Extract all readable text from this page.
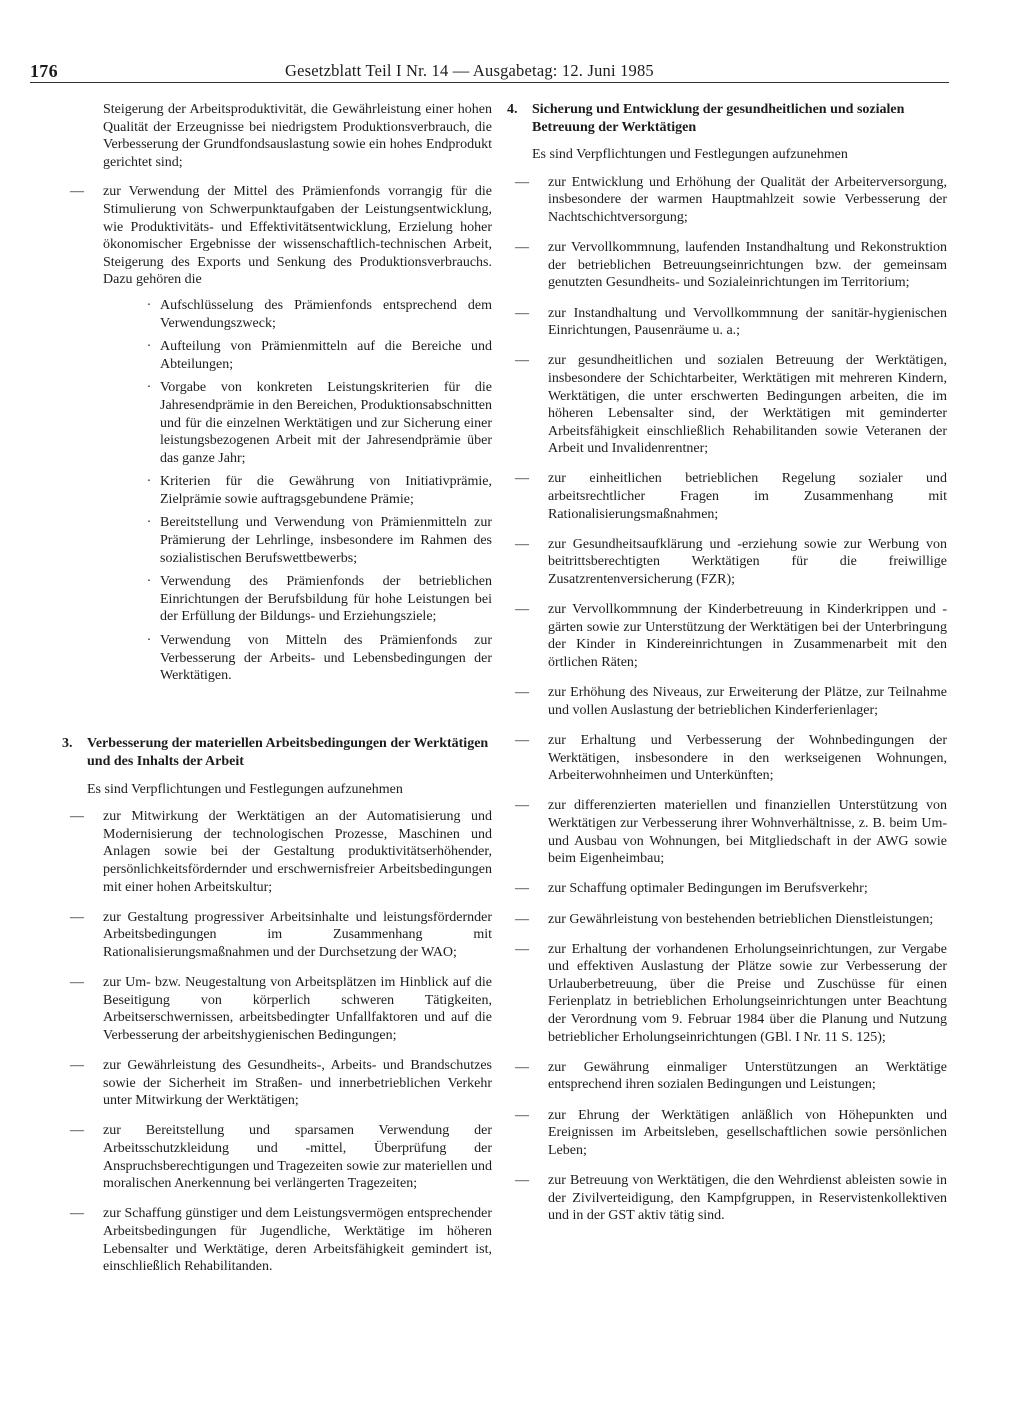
176	Gesetzblatt Teil I Nr. 14 — Ausgabetag: 12. Juni 1985

Steigerung der Arbeitsproduktivität, die Gewährleistung einer hohen Qualität der Erzeugnisse bei niedrigstem Produktionsverbrauch, die Verbesserung der Grundfondsauslastung sowie ein hohes Endprodukt gerichtet sind;

—	zur Verwendung der Mittel des Prämienfonds vorrangig für die Stimulierung von Schwerpunktaufgaben der Leistungsentwicklung, wie Produktivitäts- und Effektivitätsentwicklung, Erzielung hoher ökonomischer Ergebnisse der wissenschaftlich-technischen Arbeit, Steigerung des Exports und Senkung des Produktionsverbrauchs. Dazu gehören die
· Aufschlüsselung des Prämienfonds entsprechend dem Verwendungszweck;
· Aufteilung von Prämienmitteln auf die Bereiche und Abteilungen;
· Vorgabe von konkreten Leistungskriterien für die Jahresendprämie in den Bereichen, Produktionsabschnitten und für die einzelnen Werktätigen und zur Sicherung einer leistungsbezogenen Arbeit mit der Jahresendprämie über das ganze Jahr;
· Kriterien für die Gewährung von Initiativprämie, Zielprämie sowie auftragsgebundene Prämie;
· Bereitstellung und Verwendung von Prämienmitteln zur Prämierung der Lehrlinge, insbesondere im Rahmen des sozialistischen Berufswettbewerbs;
· Verwendung des Prämienfonds der betrieblichen Einrichtungen der Berufsbildung für hohe Leistungen bei der Erfüllung der Bildungs- und Erziehungsziele;
· Verwendung von Mitteln des Prämienfonds zur Verbesserung der Arbeits- und Lebensbedingungen der Werktätigen.
3. Verbesserung der materiellen Arbeitsbedingungen der Werktätigen und des Inhalts der Arbeit

Es sind Verpflichtungen und Festlegungen aufzunehmen

—	zur Mitwirkung der Werktätigen an der Automatisierung und Modernisierung der technologischen Prozesse, Maschinen und Anlagen sowie bei der Gestaltung produktivitätserhöhender, persönlichkeitsfördernder und erschwernisfreier Arbeitsbedingungen mit einer hohen Arbeitskultur;
—	zur Gestaltung progressiver Arbeitsinhalte und leistungsfördernder Arbeitsbedingungen im Zusammenhang mit Rationalisierungsmaßnahmen und der Durchsetzung der WAO;
—	zur Um- bzw. Neugestaltung von Arbeitsplätzen im Hinblick auf die Beseitigung von körperlich schweren Tätigkeiten, Arbeitserschwernissen, arbeitsbedingter Unfallfaktoren und auf die Verbesserung der arbeitshygienischen Bedingungen;
—	zur Gewährleistung des Gesundheits-, Arbeits- und Brandschutzes sowie der Sicherheit im Straßen- und innerbetrieblichen Verkehr unter Mitwirkung der Werktätigen;
—	zur Bereitstellung und sparsamen Verwendung der Arbeitsschutzkleidung und -mittel, Überprüfung der Anspruchsberechtigungen und Tragezeiten sowie zur materiellen und moralischen Anerkennung bei verlängerten Tragezeiten;
—	zur Schaffung günstiger und dem Leistungsvermögen entsprechender Arbeitsbedingungen für Jugendliche, Werktätige im höheren Lebensalter und Werktätige, deren Arbeitsfähigkeit gemindert ist, einschließlich Rehabilitanden.
4. Sicherung und Entwicklung der gesundheitlichen und sozialen Betreuung der Werktätigen

Es sind Verpflichtungen und Festlegungen aufzunehmen

—	zur Entwicklung und Erhöhung der Qualität der Arbeiterversorgung, insbesondere der warmen Hauptmahlzeit sowie Verbesserung der Nachtschichtversorgung;
—	zur Vervollkommnung, laufenden Instandhaltung und Rekonstruktion der betrieblichen Betreuungseinrichtungen bzw. der gemeinsam genutzten Gesundheits- und Sozialeinrichtungen im Territorium;
—	zur Instandhaltung und Vervollkommnung der sanitär-hygienischen Einrichtungen, Pausenräume u. a.;
—	zur gesundheitlichen und sozialen Betreuung der Werktätigen, insbesondere der Schichtarbeiter, Werktätigen mit mehreren Kindern, Werktätigen, die unter erschwerten Bedingungen arbeiten, die im höheren Lebensalter sind, der Werktätigen mit geminderter Arbeitsfähigkeit einschließlich Rehabilitanden sowie Veteranen der Arbeit und Invalidenrentner;
—	zur einheitlichen betrieblichen Regelung sozialer und arbeitsrechtlicher Fragen im Zusammenhang mit Rationalisierungsmaßnahmen;
—	zur Gesundheitsaufklärung und -erziehung sowie zur Werbung von beitrittsberechtigten Werktätigen für die freiwillige Zusatzrentenversicherung (FZR);
—	zur Vervollkommnung der Kinderbetreuung in Kinderkrippen und -gärten sowie zur Unterstützung der Werktätigen bei der Unterbringung der Kinder in Kindereinrichtungen in Zusammenarbeit mit den örtlichen Räten;
—	zur Erhöhung des Niveaus, zur Erweiterung der Plätze, zur Teilnahme und vollen Auslastung der betrieblichen Kinderferienlager;
—	zur Erhaltung und Verbesserung der Wohnbedingungen der Werktätigen, insbesondere in den werkseigenen Wohnungen, Arbeiterwohnheimen und Unterkünften;
—	zur differenzierten materiellen und finanziellen Unterstützung von Werktätigen zur Verbesserung ihrer Wohnverhältnisse, z. B. beim Um- und Ausbau von Wohnungen, bei Mitgliedschaft in der AWG sowie beim Eigenheimbau;
—	zur Schaffung optimaler Bedingungen im Berufsverkehr;
—	zur Gewährleistung von bestehenden betrieblichen Dienstleistungen;
—	zur Erhaltung der vorhandenen Erholungseinrichtungen, zur Vergabe und effektiven Auslastung der Plätze sowie zur Verbesserung der Urlauberbetreuung, über die Preise und Zuschüsse für einen Ferienplatz in betrieblichen Erholungseinrichtungen unter Beachtung der Verordnung vom 9. Februar 1984 über die Planung und Nutzung betrieblicher Erholungseinrichtungen (GBl. I Nr. 11 S. 125);
—	zur Gewährung einmaliger Unterstützungen an Werktätige entsprechend ihren sozialen Bedingungen und Leistungen;
—	zur Ehrung der Werktätigen anläßlich von Höhepunkten und Ereignissen im Arbeitsleben, gesellschaftlichen sowie persönlichen Leben;
—	zur Betreuung von Werktätigen, die den Wehrdienst ableisten sowie in der Zivilverteidigung, den Kampfgruppen, in Reservistenkollektiven und in der GST aktiv tätig sind.
